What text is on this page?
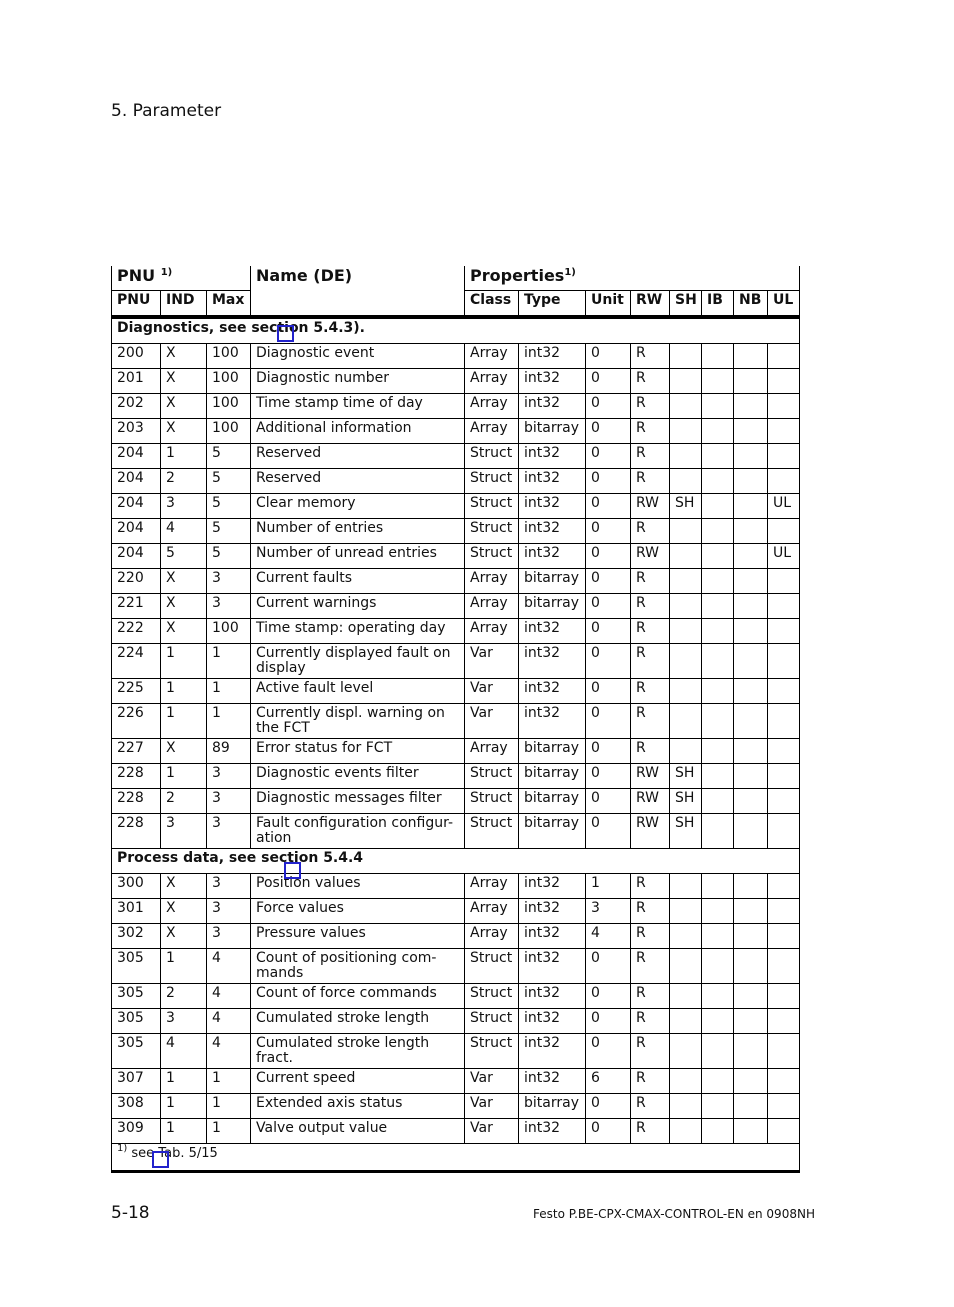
5. Parameter
PNU $^{1)}$			Name (DE)	Properties$^{1)}$
PNU	IND	Max		Class	Type	Unit	RW	SH	IB	NB	UL
Diagnostics, see section 5.4.3).											
200	X	100	Diagnostic event	Array	int32	0	R				
201	X	100	Diagnostic number	Array	int32	0	R				
202	X	100	Time stamp time of day	Array	int32	0	R				
203	X	100	Additional information	Array	bitarray	0	R				
204	1	5	Reserved	Struct	int32	0	R				
204	2	5	Reserved	Struct	int32	0	R				
204	3	5	Clear memory	Struct	int32	0	RW	SH			UL
204	4	5	Number of entries	Struct	int32	0	R				
204	5	5	Number of unread entries	Struct	int32	0	RW				UL
220	X	3	Current faults	Array	bitarray	0	R				
221	X	3	Current warnings	Array	bitarray	0	R				
222	X	100	Time stamp: operating day	Array	int32	0	R				
224	1	1	Currently displayed fault on display	Var	int32	0	R				
225	1	1	Active fault level	Var	int32	0	R				
226	1	1	Currently displ. warning on the FCT	Var	int32	0	R				
227	X	89	Error status for FCT	Array	bitarray	0	R				
228	1	3	Diagnostic events filter	Struct	bitarray	0	RW	SH			
228	2	3	Diagnostic messages filter	Struct	bitarray	0	RW	SH			
228	3	3	Fault configuration configur-ation	Struct	bitarray	0	RW	SH			
Process data, see section 5.4.4											
300	X	3	Position values	Array	int32	1	R				
301	X	3	Force values	Array	int32	3	R				
302	X	3	Pressure values	Array	int32	4	R				
305	1	4	Count of positioning com-mands	Struct	int32	0	R				
305	2	4	Count of force commands	Struct	int32	0	R				
305	3	4	Cumulated stroke length	Struct	int32	0	R				
305	4	4	Cumulated stroke length fract.	Struct	int32	0	R				
307	1	1	Current speed	Var	int32	6	R				
308	1	1	Extended axis status	Var	bitarray	0	R				
309	1	1	Valve output value	Var	int32	0	R				
$^{1)}$ see Tab. 5/15											
5-18	Festo P.BE-CPX-CMAX-CONTROL-EN en 0908NH
